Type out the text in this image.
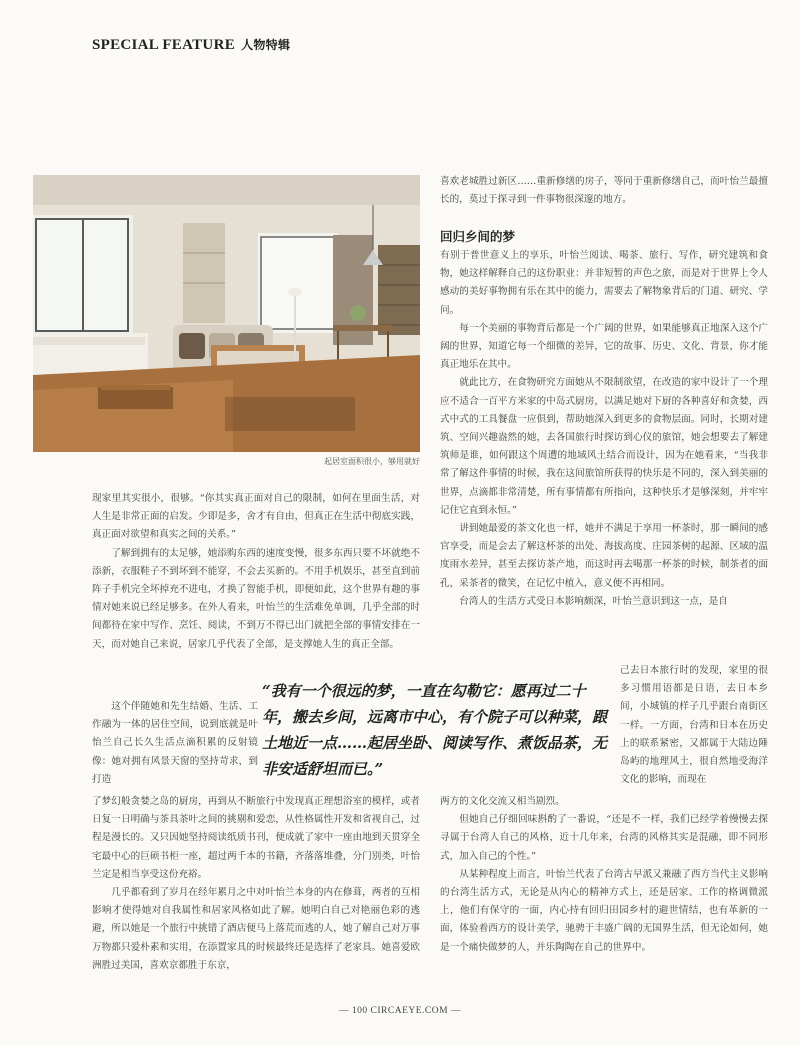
SPECIAL FEATURE 人物特辑
起居室面积很小，够用就好

现家里其实很小，很够。“你其实真正面对自己的限制，如何在里面生活，对人生是非常正面的启发。少即是多，舍才有自由，但真正在生活中彻底实践，真正面对欲望和真实之间的关系。”

了解到拥有的太足够，她添购东西的速度变慢，很多东西只要不坏就绝不添新，衣服鞋子不到坏到不能穿，不会去买新的。不用手机娱乐，甚至直到前阵子手机完全坏掉充不进电，才换了智能手机，即便如此，这个世界有趣的事情对她来说已经足够多。在外人看来，叶怡兰的生活难免单调，几乎全部的时间都待在家中写作、烹饪、阅读，不到万不得已出门就把全部的事情安排在一天，而对她自己来说，居家几乎代表了全部，是支撑她人生的真正全部。

这个伴随她和先生结婚、生活、工作融为一体的居住空间，说到底就是叶怡兰自己长久生活点滴积累的反射镜像：她对拥有风景天窗的坚持苛求，到打造

了梦幻般贪婪之岛的厨房，再到从不断旅行中发现真正理想浴室的模样，或者日复一日明确与茶具茶叶之间的挑剔和爱恋，从性格属性开发和省视自己，过程是漫长的。又只因她坚持阅读纸质书刊，便成就了家中一座由地到天贯穿全宅最中心的巨硕书柜一座，超过两千本的书籍，齐落落堆叠，分门别类，叶怡兰定是相当享受这份充裕。

几乎都看到了岁月在经年累月之中对叶怡兰本身的内在修葺，两者的互相影响才使得她对自我属性和居家风格如此了解。她明白自己对艳丽色彩的逃避，所以她是一个旅行中挑错了酒店便马上落荒而逃的人，她了解自己对万事万物都只爱朴素和实用，在添置家具的时候最终还是选择了老家具。她喜爱欧洲胜过美国，喜欢京都胜于东京，

喜欢老城胜过新区……重新修缮的房子，等同于重新修缮自己，而叶怡兰最擅长的，莫过于探寻到一件事物很深邃的地方。

回归乡间的梦

有别于普世意义上的享乐，叶怡兰阅读、喝茶、旅行、写作，研究建筑和食物，她这样解释自己的这份职业：并非短暂的声色之旅，而是对于世界上令人感动的美好事物拥有乐在其中的能力，需要去了解物象背后的门道、研究、学问。

每一个美丽的事物背后都是一个广阔的世界，如果能够真正地深入这个广阔的世界，知道它每一个细微的差异，它的故事、历史、文化、背景，你才能真正地乐在其中。

就此比方，在食物研究方面她从不限制欲望，在改造的家中设计了一个理应不适合一百平方米家的中岛式厨房，以满足她对下厨的各种喜好和贪婪，西式中式的工具餐盘一应俱到，帮助她深入到更多的食物层面。同时，长期对建筑、空间兴趣盎然的她，去各国旅行时探访到心仪的旅馆，她会想要去了解建筑师是谁，如何跟这个周遭的地域风土结合而设计，因为在她看来，“当我非常了解这件事情的时候，我在这间旅馆所获得的快乐是不同的，深入到美丽的世界，点滴都非常清楚，所有事情都有所指向，这种快乐才是够深刻，并牢牢记住它直到永恒。”

讲到她最爱的茶文化也一样，她并不满足于享用一杯茶时，那一瞬间的感官享受，而是会去了解这杯茶的出处、海拔高度、庄园茶树的起源、区域的温度雨水差异，甚至去探访茶产地，而这时再去喝那一杯茶的时候，制茶者的面孔，采茶者的微笑，在记忆中植入，意义便不再相同。

台湾人的生活方式受日本影响颇深，叶怡兰意识到这一点，是自

己去日本旅行时的发现，家里的很多习惯用语都是日语，去日本乡间，小城镇的样子几乎跟台南街区一样。一方面，台湾和日本在历史上的联系紧密，又都属于大陆边陲岛屿的地理风土，很自然地受海洋文化的影响，而现在

两方的文化交流又相当剧烈。

但她自己仔细回味斟酌了一番说，“还是不一样，我们已经学着慢慢去探寻属于台湾人自己的风格，近十几年来，台湾的风格其实是混融，即不同形式，加入自己的个性。”

从某种程度上而言，叶怡兰代表了台湾古早派又兼融了西方当代主义影响的台湾生活方式，无论是从内心的精神方式上，还是居家、工作的格调微派上，他们有保守的一面，内心持有回归田园乡村的避世情结，也有革新的一面，体验着西方的设计美学，驰骋于丰盛广阔的无国界生活，但无论如何，她是一个痛快做梦的人，并乐陶陶在自己的世界中。

“我有一个很远的梦，一直在勾勒它：愿再过二十年，搬去乡间，远离市中心，有个院子可以种菜，跟土地近一点……起居坐卧、阅读写作、煮饭品茶，无非安适舒坦而已。”
— 100 CIRCAEYE.COM —
